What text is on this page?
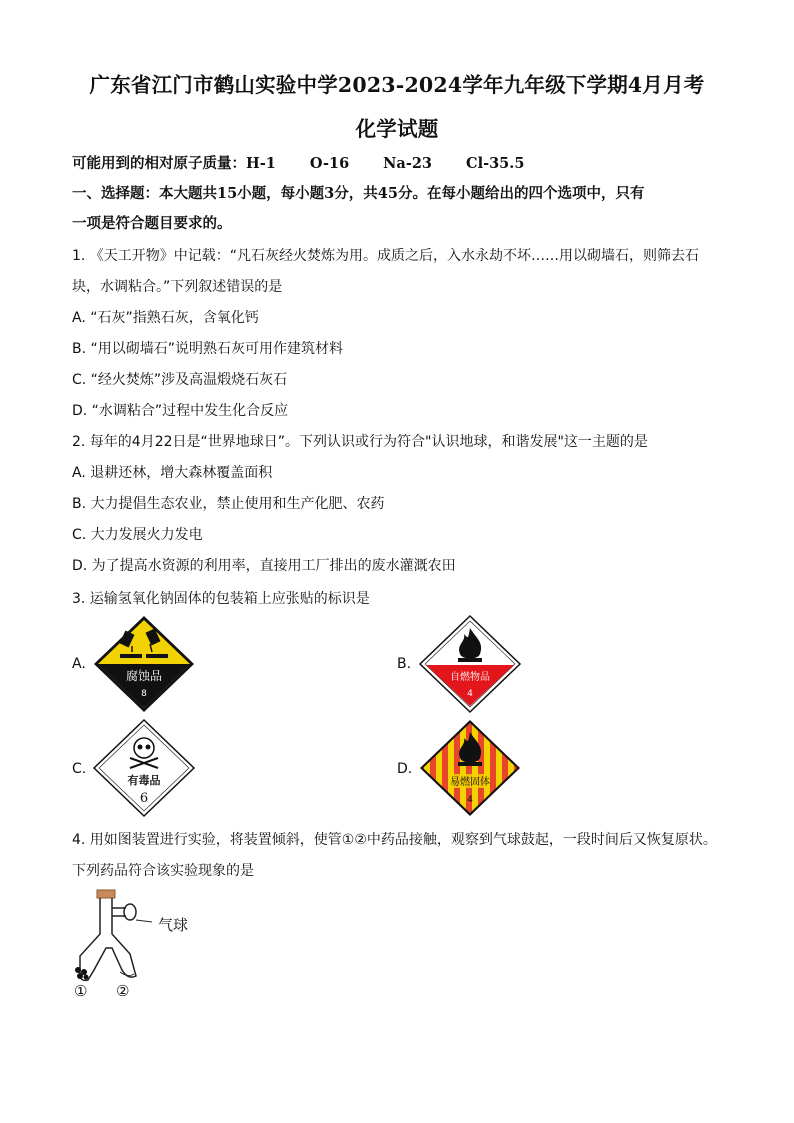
广东省江门市鹤山实验中学2023-2024学年九年级下学期4月月考
化学试题
可能用到的相对原子质量：H-1 O-16 Na-23 Cl-35.5
一、选择题：本大题共15小题，每小题3分，共45分。在每小题给出的四个选项中，只有
一项是符合题目要求的。
1. 《天工开物》中记载：“凡石灰经火焚炼为用。成质之后，入水永劫不坏……用以砌墙石，则筛去石
块，水调粘合。”下列叙述错误的是
A. “石灰”指熟石灰，含氧化钙
B. “用以砌墙石”说明熟石灰可用作建筑材料
C. “经火焚炼”涉及高温煅烧石灰石
D. “水调粘合”过程中发生化合反应
2. 每年的4月22日是“世界地球日”。下列认识或行为符合"认识地球，和谐发展"这一主题的是
A. 退耕还林，增大森林覆盖面积
B. 大力提倡生态农业，禁止使用和生产化肥、农药
C. 大力发展火力发电
D. 为了提高水资源的利用率，直接用工厂排出的废水灌溉农田
3. 运输氢氧化钠固体的包装箱上应张贴的标识是
A.
腐蚀品
8
B.
自燃物品
4
C.
有毒品
6
D.
易燃固体
4
4. 用如图装置进行实验，将装置倾斜，使管①②中药品接触，观察到气球鼓起，一段时间后又恢复原状。
下列药品符合该实验现象的是
气球
① ②
